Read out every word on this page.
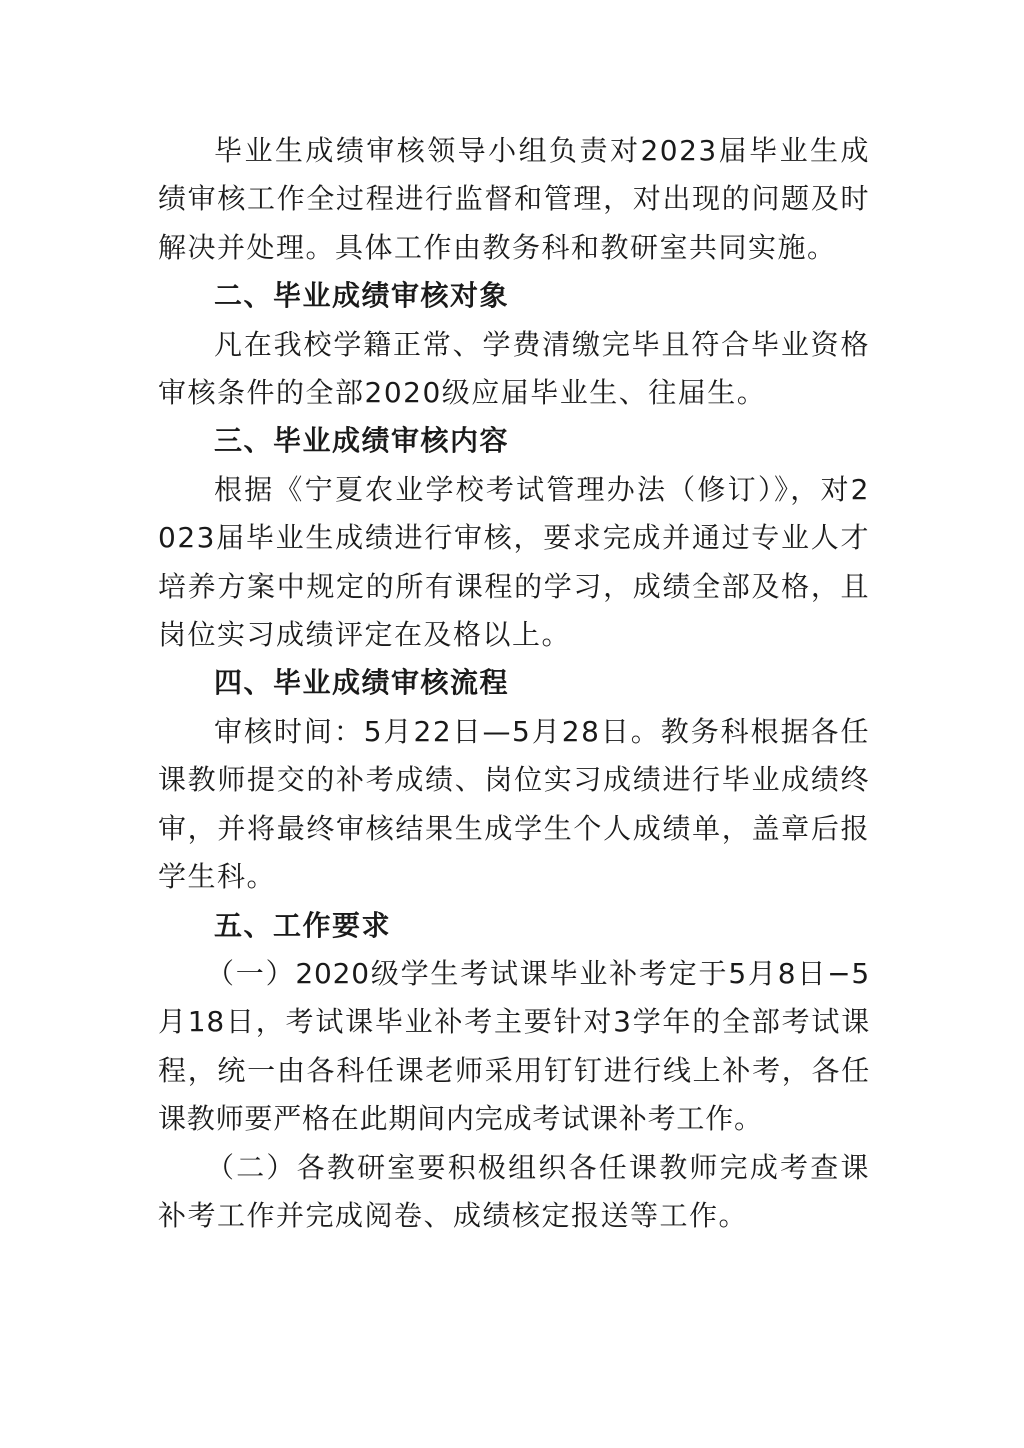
毕业生成绩审核领导小组负责对2023届毕业生成绩审核工作全过程进行监督和管理，对出现的问题及时解决并处理。具体工作由教务科和教研室共同实施。

二、毕业成绩审核对象

凡在我校学籍正常、学费清缴完毕且符合毕业资格审核条件的全部2020级应届毕业生、往届生。

三、毕业成绩审核内容

根据《宁夏农业学校考试管理办法（修订）》，对2023届毕业生成绩进行审核，要求完成并通过专业人才培养方案中规定的所有课程的学习，成绩全部及格，且岗位实习成绩评定在及格以上。

四、毕业成绩审核流程

审核时间：5月22日—5月28日。教务科根据各任课教师提交的补考成绩、岗位实习成绩进行毕业成绩终审，并将最终审核结果生成学生个人成绩单，盖章后报学生科。

五、工作要求

（一）2020级学生考试课毕业补考定于5月8日−5月18日，考试课毕业补考主要针对3学年的全部考试课程，统一由各科任课老师采用钉钉进行线上补考，各任课教师要严格在此期间内完成考试课补考工作。

（二）各教研室要积极组织各任课教师完成考查课补考工作并完成阅卷、成绩核定报送等工作。
